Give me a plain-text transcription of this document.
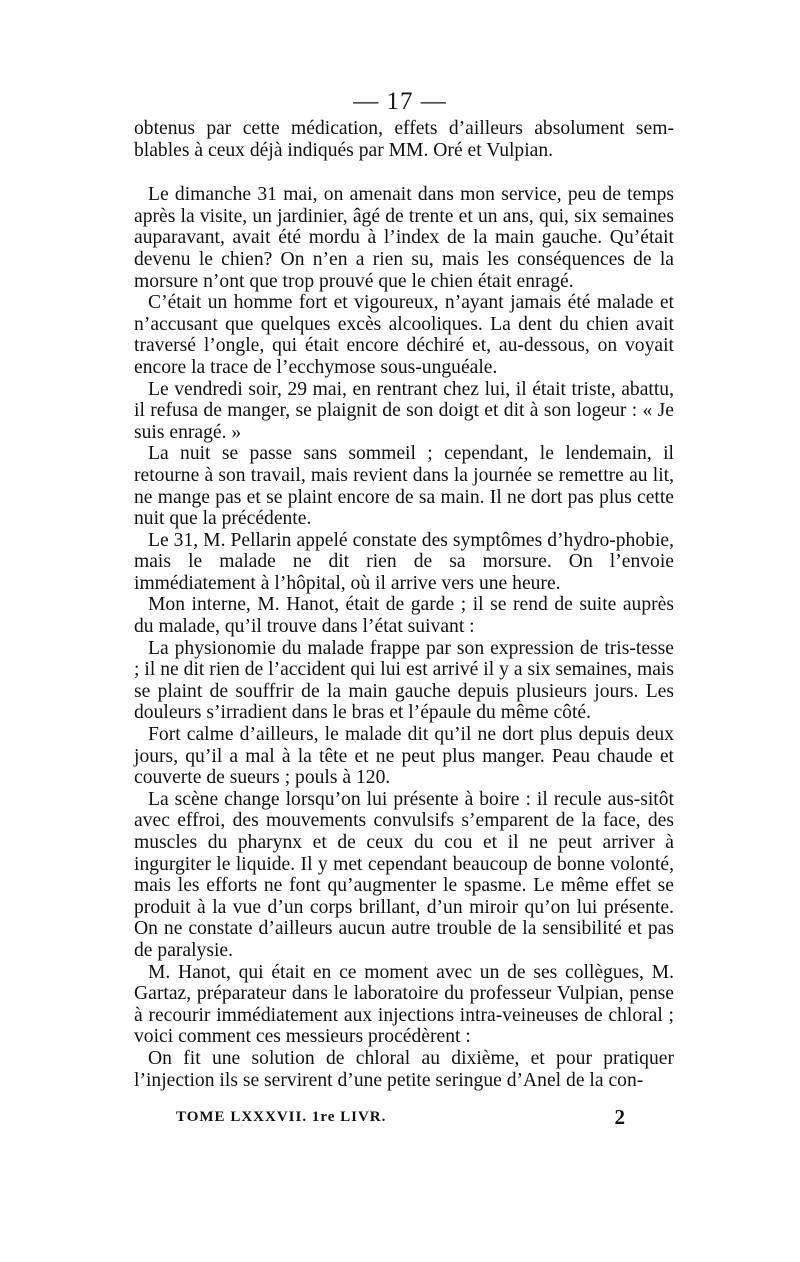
— 17 —

obtenus par cette médication, effets d’ailleurs absolument sem-blables à ceux déjà indiqués par MM. Oré et Vulpian.

Le dimanche 31 mai, on amenait dans mon service, peu de temps après la visite, un jardinier, âgé de trente et un ans, qui, six semaines auparavant, avait été mordu à l’index de la main gauche. Qu’était devenu le chien? On n’en a rien su, mais les conséquences de la morsure n’ont que trop prouvé que le chien était enragé.

C’était un homme fort et vigoureux, n’ayant jamais été malade et n’accusant que quelques excès alcooliques. La dent du chien avait traversé l’ongle, qui était encore déchiré et, au-dessous, on voyait encore la trace de l’ecchymose sous-unguéale.

Le vendredi soir, 29 mai, en rentrant chez lui, il était triste, abattu, il refusa de manger, se plaignit de son doigt et dit à son logeur : « Je suis enragé. »

La nuit se passe sans sommeil ; cependant, le lendemain, il retourne à son travail, mais revient dans la journée se remettre au lit, ne mange pas et se plaint encore de sa main. Il ne dort pas plus cette nuit que la précédente.

Le 31, M. Pellarin appelé constate des symptômes d’hydro-phobie, mais le malade ne dit rien de sa morsure. On l’envoie immédiatement à l’hôpital, où il arrive vers une heure.

Mon interne, M. Hanot, était de garde ; il se rend de suite auprès du malade, qu’il trouve dans l’état suivant :

La physionomie du malade frappe par son expression de tris-tesse ; il ne dit rien de l’accident qui lui est arrivé il y a six semaines, mais se plaint de souffrir de la main gauche depuis plusieurs jours. Les douleurs s’irradient dans le bras et l’épaule du même côté.

Fort calme d’ailleurs, le malade dit qu’il ne dort plus depuis deux jours, qu’il a mal à la tête et ne peut plus manger. Peau chaude et couverte de sueurs ; pouls à 120.

La scène change lorsqu’on lui présente à boire : il recule aus-sitôt avec effroi, des mouvements convulsifs s’emparent de la face, des muscles du pharynx et de ceux du cou et il ne peut arriver à ingurgiter le liquide. Il y met cependant beaucoup de bonne volonté, mais les efforts ne font qu’augmenter le spasme. Le même effet se produit à la vue d’un corps brillant, d’un miroir qu’on lui présente. On ne constate d’ailleurs aucun autre trouble de la sensibilité et pas de paralysie.

M. Hanot, qui était en ce moment avec un de ses collègues, M. Gartaz, préparateur dans le laboratoire du professeur Vulpian, pense à recourir immédiatement aux injections intra-veineuses de chloral ; voici comment ces messieurs procédèrent :

On fit une solution de chloral au dixième, et pour pratiquer l’injection ils se servirent d’une petite seringue d’Anel de la con-

TOME LXXXVII. 1re LIVR.	2
